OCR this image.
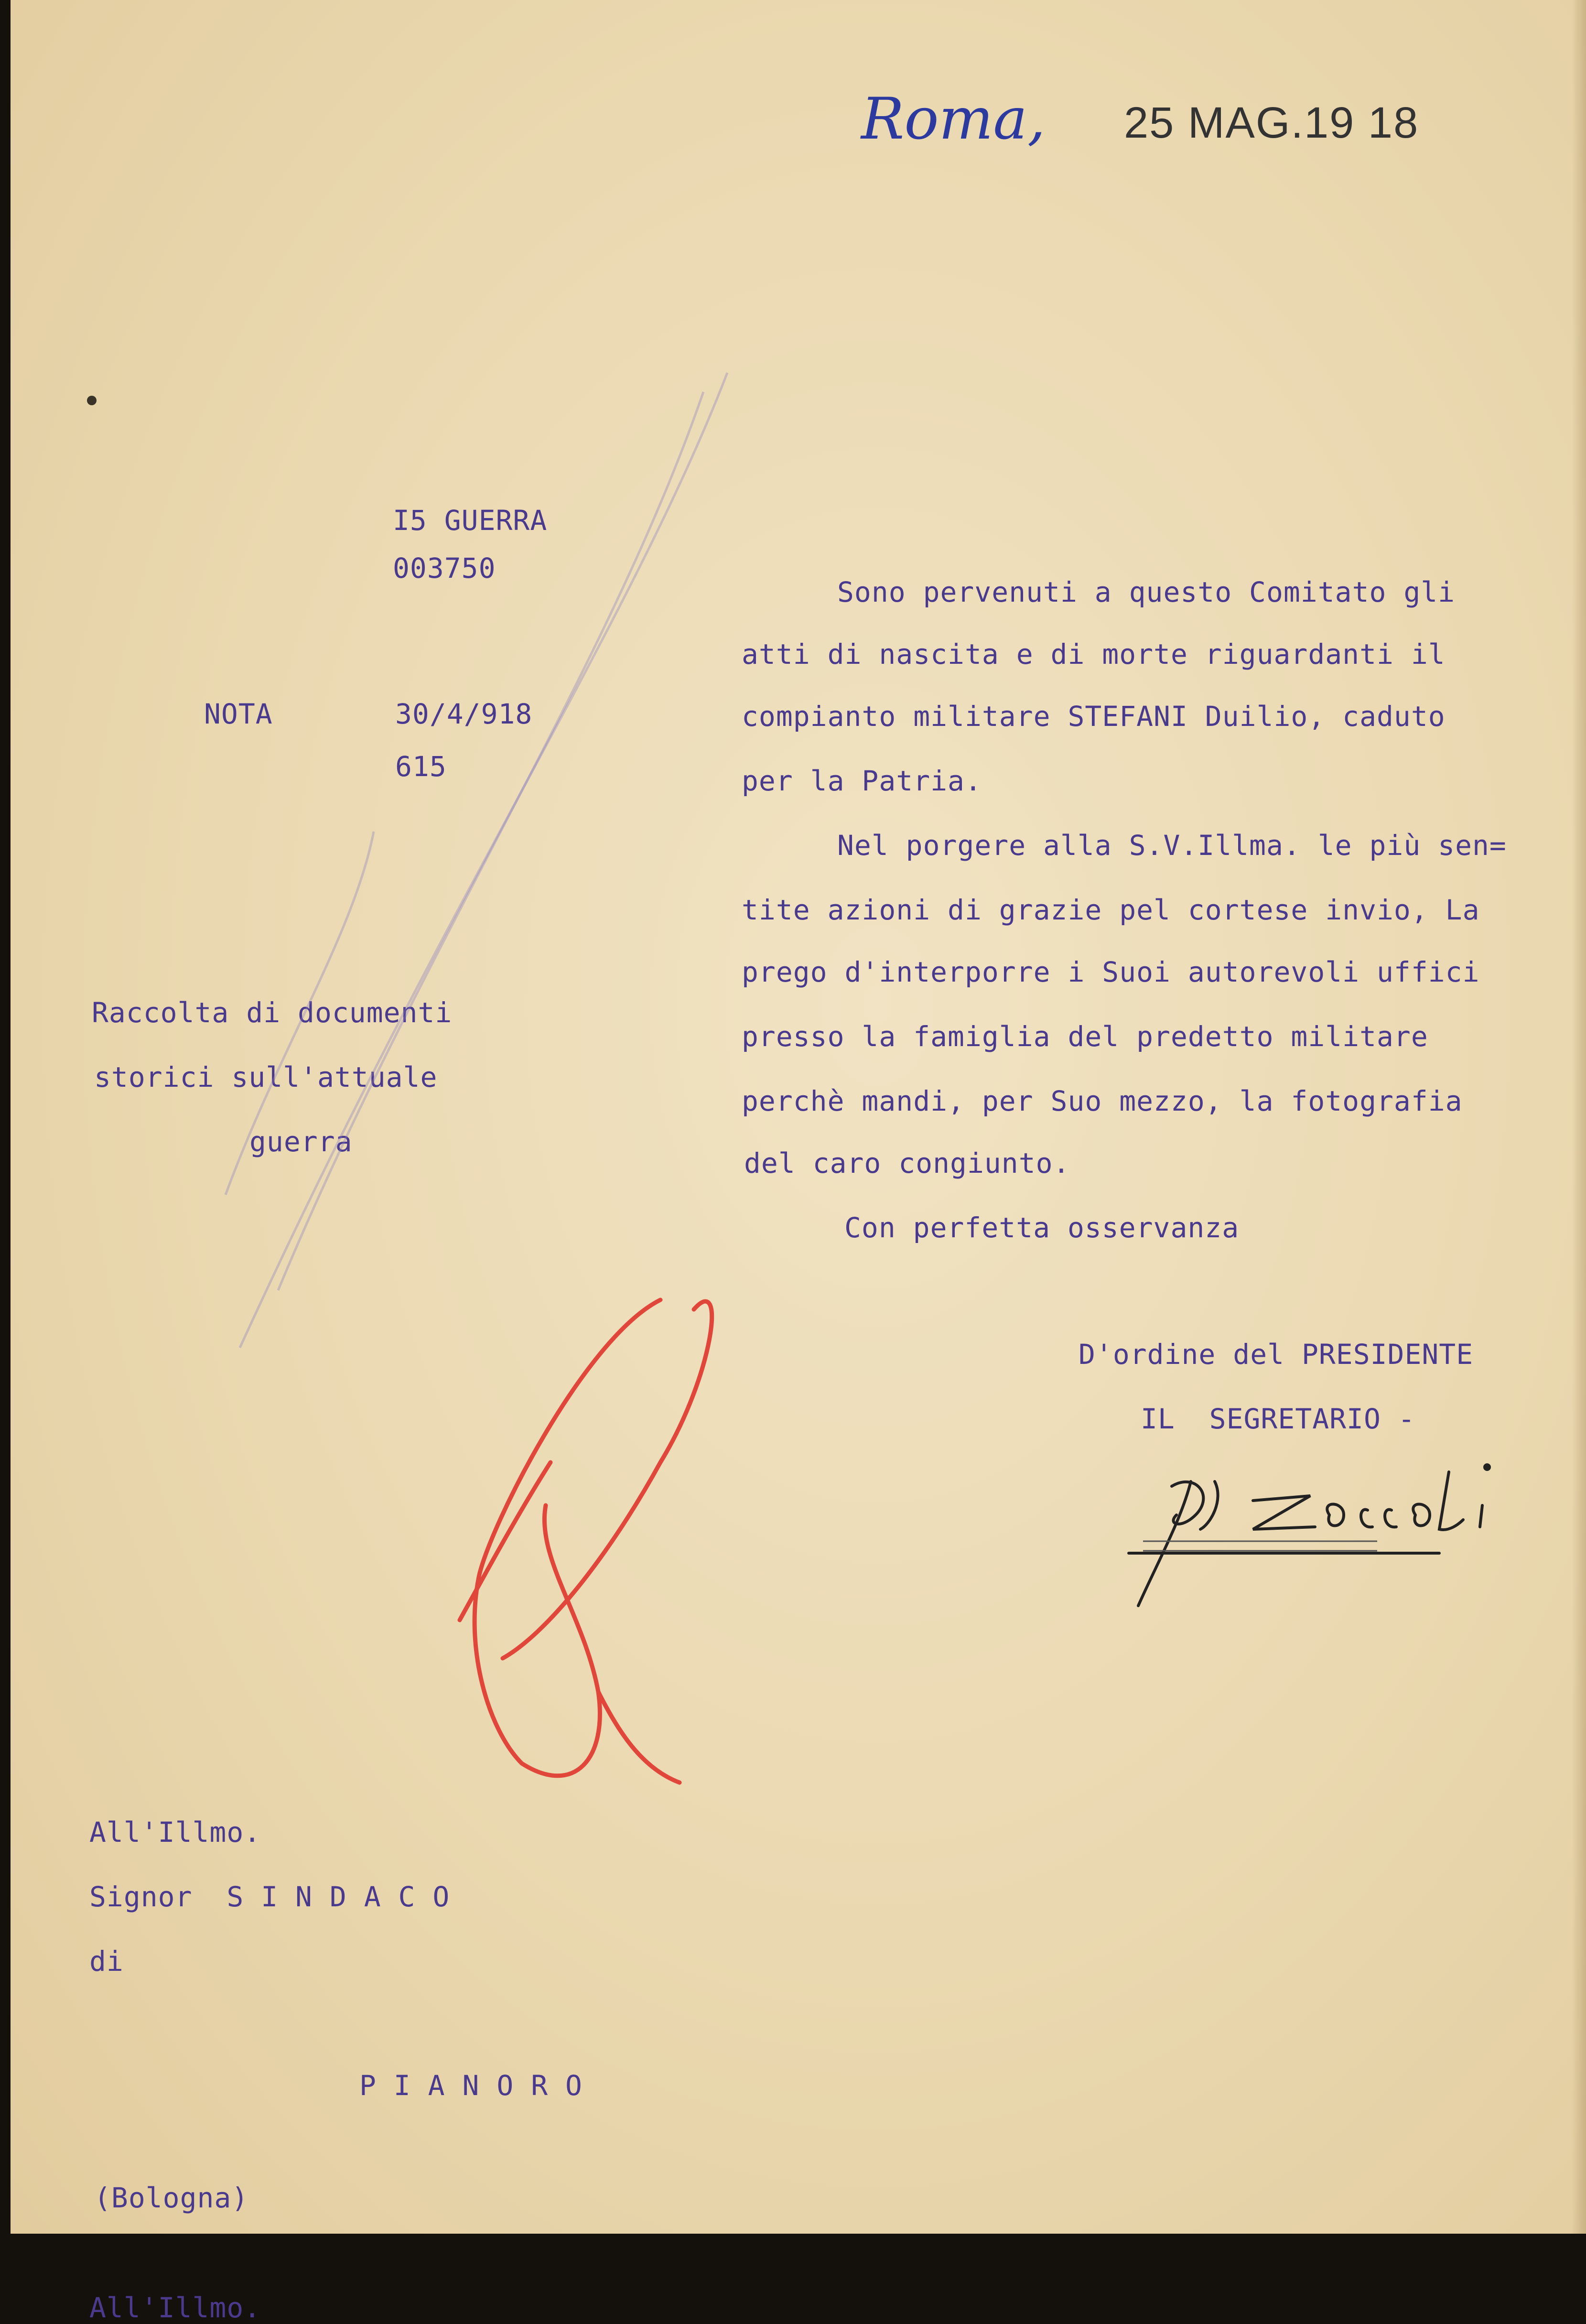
Roma, 25 MAG.19 18
I5 GUERRA
003750
NOTA	30/4/918
615
Raccolta di documenti
storici sull'attuale
guerra
Sono pervenuti a questo Comitato gli
atti di nascita e di morte riguardanti il
compianto militare STEFANI Duilio, caduto
per la Patria.
Nel porgere alla S.V.Illma. le più sen=
tite azioni di grazie pel cortese invio, La
prego d'interporre i Suoi autorevoli uffici
presso la famiglia del predetto militare
perchè mandi, per Suo mezzo, la fotografia
del caro congiunto.
Con perfetta osservanza
D'ordine del PRESIDENTE
IL  SEGRETARIO -
All'Illmo.
All'Illmo.
Signor  S I N D A C O
di
P I A N O R O
(Bologna)
